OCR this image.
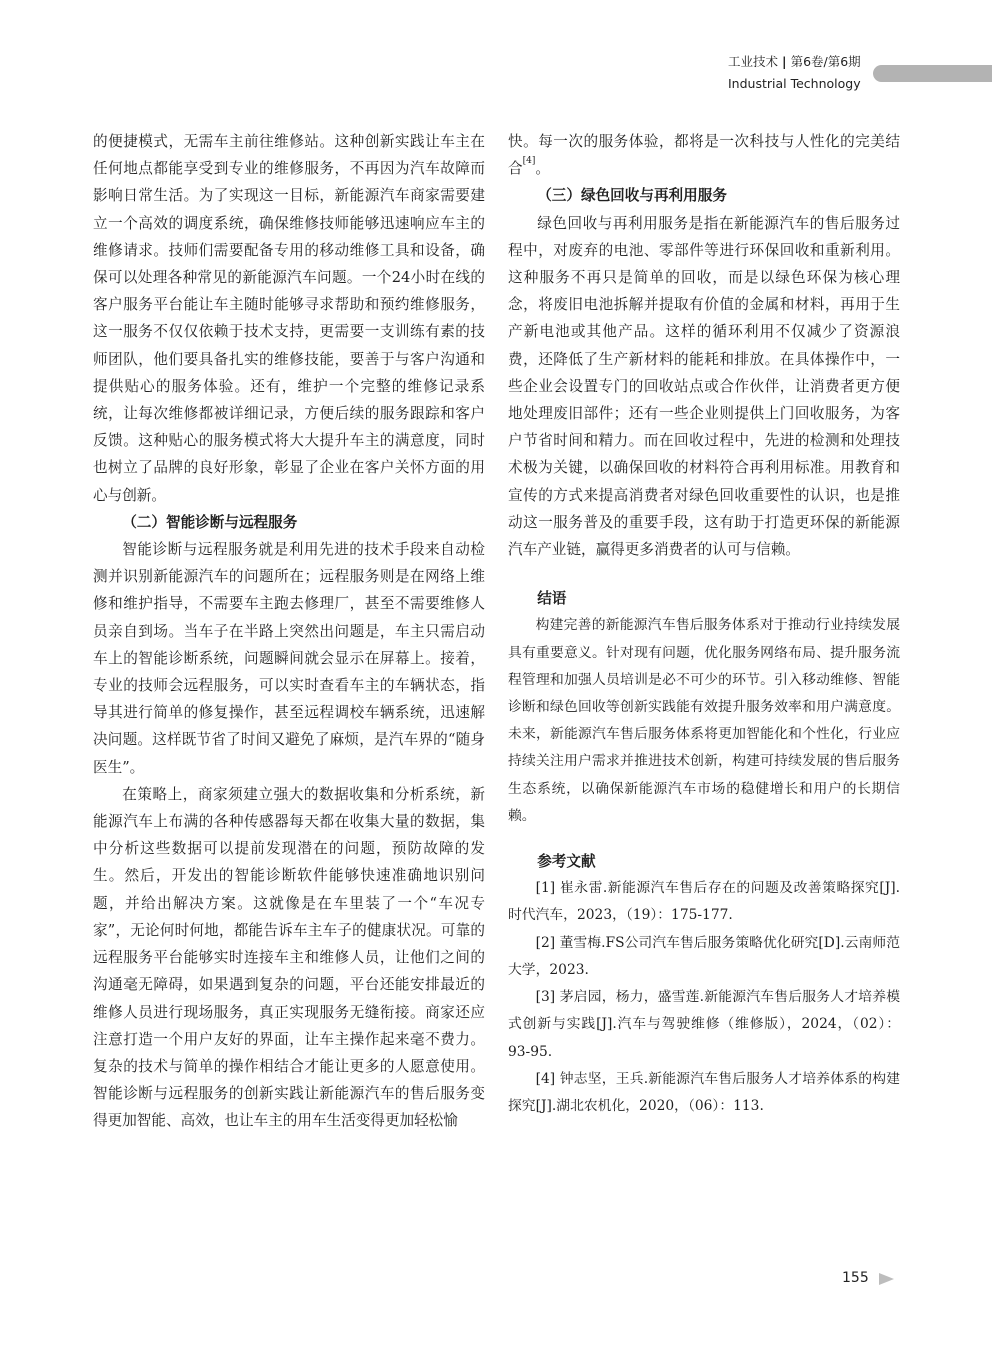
工业技术 | 第6卷/第6期
Industrial Technology

的便捷模式，无需车主前往维修站。这种创新实践让车主在任何地点都能享受到专业的维修服务，不再因为汽车故障而影响日常生活。为了实现这一目标，新能源汽车商家需要建立一个高效的调度系统，确保维修技师能够迅速响应车主的维修请求。技师们需要配备专用的移动维修工具和设备，确保可以处理各种常见的新能源汽车问题。一个24小时在线的客户服务平台能让车主随时能够寻求帮助和预约维修服务，这一服务不仅仅依赖于技术支持，更需要一支训练有素的技师团队，他们要具备扎实的维修技能，要善于与客户沟通和提供贴心的服务体验。还有，维护一个完整的维修记录系统，让每次维修都被详细记录，方便后续的服务跟踪和客户反馈。这种贴心的服务模式将大大提升车主的满意度，同时也树立了品牌的良好形象，彰显了企业在客户关怀方面的用心与创新。

（二）智能诊断与远程服务

智能诊断与远程服务就是利用先进的技术手段来自动检测并识别新能源汽车的问题所在；远程服务则是在网络上维修和维护指导，不需要车主跑去修理厂，甚至不需要维修人员亲自到场。当车子在半路上突然出问题是，车主只需启动车上的智能诊断系统，问题瞬间就会显示在屏幕上。接着，专业的技师会远程服务，可以实时查看车主的车辆状态，指导其进行简单的修复操作，甚至远程调校车辆系统，迅速解决问题。这样既节省了时间又避免了麻烦，是汽车界的“随身医生”。

在策略上，商家须建立强大的数据收集和分析系统，新能源汽车上布满的各种传感器每天都在收集大量的数据，集中分析这些数据可以提前发现潜在的问题，预防故障的发生。然后，开发出的智能诊断软件能够快速准确地识别问题，并给出解决方案。这就像是在车里装了一个“车况专家”，无论何时何地，都能告诉车主车子的健康状况。可靠的远程服务平台能够实时连接车主和维修人员，让他们之间的沟通毫无障碍，如果遇到复杂的问题，平台还能安排最近的维修人员进行现场服务，真正实现服务无缝衔接。商家还应注意打造一个用户友好的界面，让车主操作起来毫不费力。复杂的技术与简单的操作相结合才能让更多的人愿意使用。智能诊断与远程服务的创新实践让新能源汽车的售后服务变得更加智能、高效，也让车主的用车生活变得更加轻松愉

快。每一次的服务体验，都将是一次科技与人性化的完美结合[4]。

（三）绿色回收与再利用服务

绿色回收与再利用服务是指在新能源汽车的售后服务过程中，对废弃的电池、零部件等进行环保回收和重新利用。这种服务不再只是简单的回收，而是以绿色环保为核心理念，将废旧电池拆解并提取有价值的金属和材料，再用于生产新电池或其他产品。这样的循环利用不仅减少了资源浪费，还降低了生产新材料的能耗和排放。在具体操作中，一些企业会设置专门的回收站点或合作伙伴，让消费者更方便地处理废旧部件；还有一些企业则提供上门回收服务，为客户节省时间和精力。而在回收过程中，先进的检测和处理技术极为关键，以确保回收的材料符合再利用标准。用教育和宣传的方式来提高消费者对绿色回收重要性的认识，也是推动这一服务普及的重要手段，这有助于打造更环保的新能源汽车产业链，赢得更多消费者的认可与信赖。

结语

构建完善的新能源汽车售后服务体系对于推动行业持续发展具有重要意义。针对现有问题，优化服务网络布局、提升服务流程管理和加强人员培训是必不可少的环节。引入移动维修、智能诊断和绿色回收等创新实践能有效提升服务效率和用户满意度。未来，新能源汽车售后服务体系将更加智能化和个性化，行业应持续关注用户需求并推进技术创新，构建可持续发展的售后服务生态系统，以确保新能源汽车市场的稳健增长和用户的长期信赖。

参考文献

[1] 崔永雷.新能源汽车售后存在的问题及改善策略探究[J].时代汽车，2023，（19）：175-177.

[2] 董雪梅.FS公司汽车售后服务策略优化研究[D].云南师范大学，2023.

[3] 茅启园，杨力，盛雪莲.新能源汽车售后服务人才培养模式创新与实践[J].汽车与驾驶维修（维修版），2024，（02）：93-95.

[4] 钟志坚，王兵.新能源汽车售后服务人才培养体系的构建探究[J].湖北农机化，2020，（06）：113.

155
